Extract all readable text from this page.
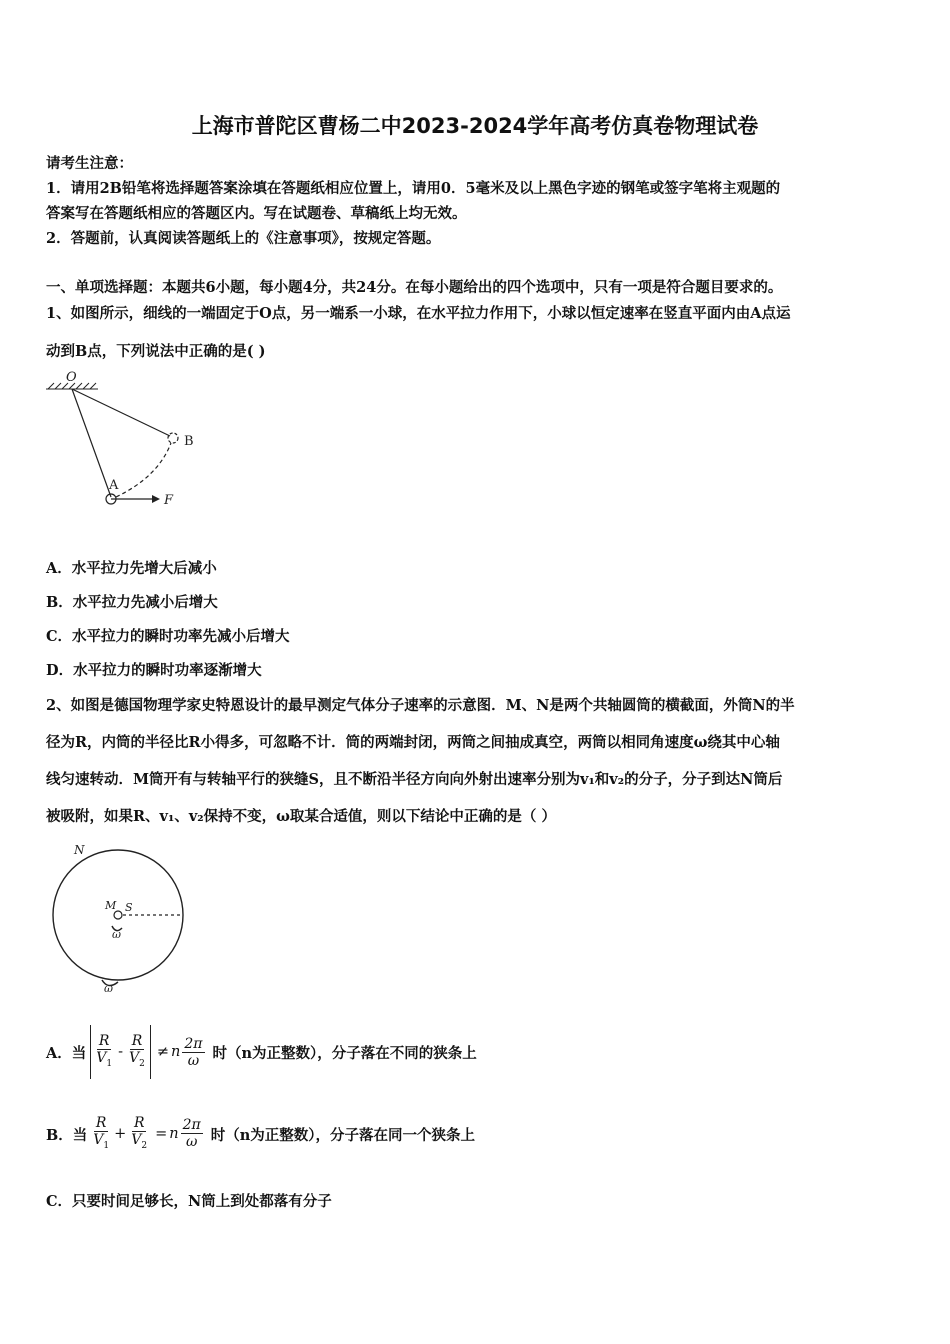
上海市普陀区曹杨二中2023-2024学年高考仿真卷物理试卷
请考生注意：
1．请用2B铅笔将选择题答案涂填在答题纸相应位置上，请用0．5毫米及以上黑色字迹的钢笔或签字笔将主观题的
答案写在答题纸相应的答题区内。写在试题卷、草稿纸上均无效。
2．答题前，认真阅读答题纸上的《注意事项》，按规定答题。
一、单项选择题：本题共6小题，每小题4分，共24分。在每小题给出的四个选项中，只有一项是符合题目要求的。
1、如图所示，细线的一端固定于O点，另一端系一小球，在水平拉力作用下，小球以恒定速率在竖直平面内由A点运
动到B点，下列说法中正确的是( )
O
B
A
F
A．水平拉力先增大后减小
B．水平拉力先减小后增大
C．水平拉力的瞬时功率先减小后增大
D．水平拉力的瞬时功率逐渐增大
2、如图是德国物理学家史特恩设计的最早测定气体分子速率的示意图．M、N是两个共轴圆筒的横截面，外筒N的半
径为R，内筒的半径比R小得多，可忽略不计．筒的两端封闭，两筒之间抽成真空，两筒以相同角速度ω绕其中心轴
线匀速转动．M筒开有与转轴平行的狭缝S，且不断沿半径方向向外射出速率分别为v₁和v₂的分子，分子到达N筒后
被吸附，如果R、v₁、v₂保持不变，ω取某合适值，则以下结论中正确的是（ ）
N
M S
ω
ω
A．当 $\frac{R}{V_1} - \frac{R}{V_2} \ne n \frac{2\pi}{\omega}$ 时（n为正整数），分子落在不同的狭条上
B．当 $\frac{R}{V_1} + \frac{R}{V_2} = n \frac{2\pi}{\omega}$ 时（n为正整数），分子落在同一个狭条上
C．只要时间足够长，N筒上到处都落有分子
